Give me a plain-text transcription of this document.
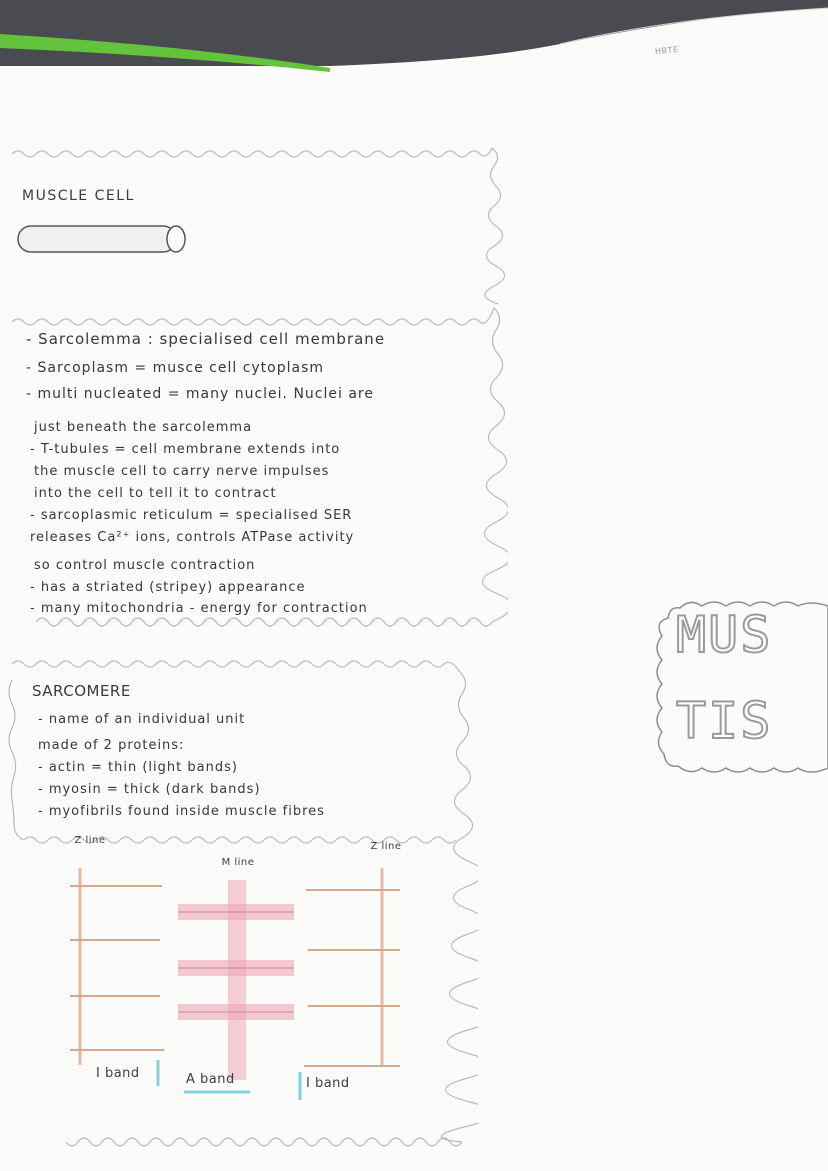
HBTE
MUSCLE CELL
- Sarcolemma : specialised cell membrane
- Sarcoplasm = musce cell cytoplasm
- multi nucleated = many nuclei. Nuclei are
just beneath the sarcolemma
- T-tubules = cell membrane extends into
the muscle cell to carry nerve impulses
into the cell to tell it to contract
- sarcoplasmic reticulum = specialised SER
releases Ca²⁺ ions, controls ATPase activity
so control muscle contraction
- has a striated (stripey) appearance
- many mitochondria - energy for contraction
SARCOMERE
- name of an individual unit
made of 2 proteins:
- actin = thin (light bands)
- myosin = thick (dark bands)
- myofibrils found inside muscle fibres
Z line
M line
Z line
I band	A band	I band
MUS
TIS
